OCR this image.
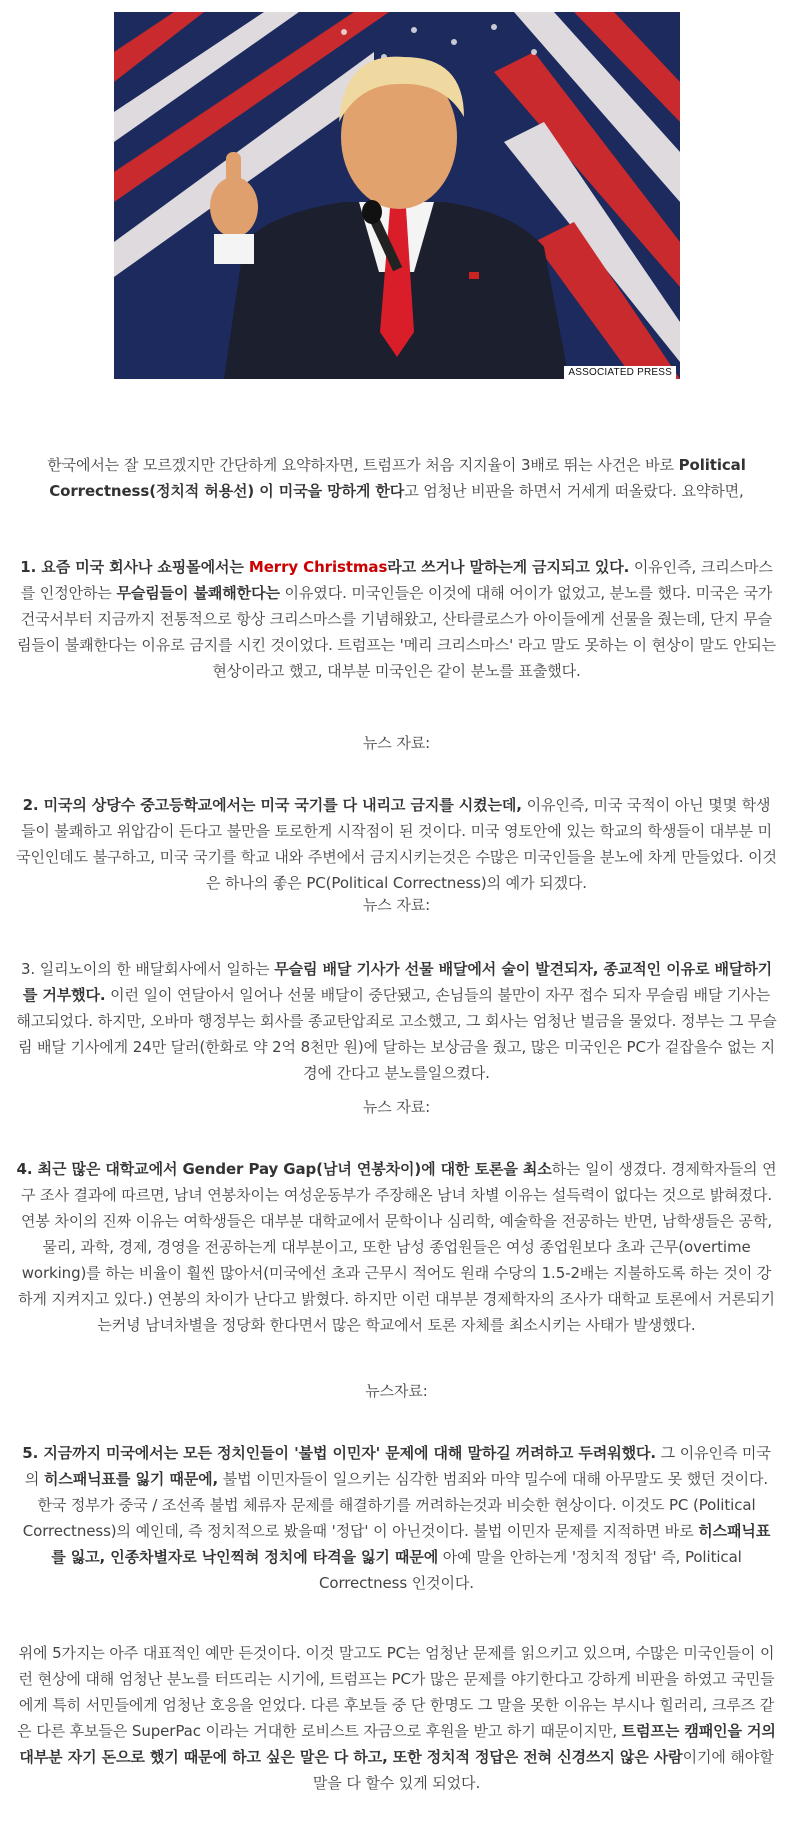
ASSOCIATED PRESS

한국에서는 잘 모르겠지만 간단하게 요약하자면, 트럼프가 처음 지지율이 3배로 뛰는 사건은 바로 Political Correctness(정치적 허용선) 이 미국을 망하게 한다고 엄청난 비판을 하면서 거세게 떠올랐다. 요약하면,

1. 요즘 미국 회사나 쇼핑몰에서는 Merry Christmas라고 쓰거나 말하는게 금지되고 있다. 이유인즉, 크리스마스를 인정안하는 무슬림들이 불쾌해한다는 이유였다. 미국인들은 이것에 대해 어이가 없었고, 분노를 했다. 미국은 국가 건국서부터 지금까지 전통적으로 항상 크리스마스를 기념해왔고, 산타클로스가 아이들에게 선물을 줬는데, 단지 무슬림들이 불쾌한다는 이유로 금지를 시킨 것이었다. 트럼프는 '메리 크리스마스' 라고 말도 못하는 이 현상이 말도 안되는 현상이라고 했고, 대부분 미국인은 같이 분노를 표출했다.

뉴스 자료:

2. 미국의 상당수 중고등학교에서는 미국 국기를 다 내리고 금지를 시켰는데, 이유인즉, 미국 국적이 아닌 몇몇 학생들이 불쾌하고 위압감이 든다고 불만을 토로한게 시작점이 된 것이다. 미국 영토안에 있는 학교의 학생들이 대부분 미국인인데도 불구하고, 미국 국기를 학교 내와 주변에서 금지시키는것은 수많은 미국인들을 분노에 차게 만들었다. 이것은 하나의 좋은 PC(Political Correctness)의 예가 되겠다.

뉴스 자료:

3. 일리노이의 한 배달회사에서 일하는 무슬림 배달 기사가 선물 배달에서 술이 발견되자, 종교적인 이유로 배달하기를 거부했다. 이런 일이 연달아서 일어나 선물 배달이 중단됐고, 손님들의 불만이 자꾸 접수 되자 무슬림 배달 기사는 해고되었다. 하지만, 오바마 행정부는 회사를 종교탄압죄로 고소했고, 그 회사는 엄청난 벌금을 물었다. 정부는 그 무슬림 배달 기사에게 24만 달러(한화로 약 2억 8천만 원)에 달하는 보상금을 줬고, 많은 미국인은 PC가 겉잡을수 없는 지경에 간다고 분노를일으켰다.

뉴스 자료:

4. 최근 많은 대학교에서 Gender Pay Gap(남녀 연봉차이)에 대한 토론을 최소하는 일이 생겼다. 경제학자들의 연구 조사 결과에 따르면, 남녀 연봉차이는 여성운동부가 주장해온 남녀 차별 이유는 설득력이 없다는 것으로 밝혀졌다. 연봉 차이의 진짜 이유는 여학생들은 대부분 대학교에서 문학이나 심리학, 예술학을 전공하는 반면, 남학생들은 공학, 물리, 과학, 경제, 경영을 전공하는게 대부분이고, 또한 남성 종업원들은 여성 종업원보다 초과 근무(overtime working)를 하는 비율이 훨씬 많아서(미국에선 초과 근무시 적어도 원래 수당의 1.5-2배는 지불하도록 하는 것이 강하게 지켜지고 있다.) 연봉의 차이가 난다고 밝혔다. 하지만 이런 대부분 경제학자의 조사가 대학교 토론에서 거론되기는커녕 남녀차별을 정당화 한다면서 많은 학교에서 토론 자체를 최소시키는 사태가 발생했다.

뉴스자료:

5. 지금까지 미국에서는 모든 정치인들이 '불법 이민자' 문제에 대해 말하길 꺼려하고 두려워했다. 그 이유인즉 미국의 히스패닉표를 잃기 때문에, 불법 이민자들이 일으키는 심각한 범죄와 마약 밀수에 대해 아무말도 못 했던 것이다. 한국 정부가 중국 / 조선족 불법 체류자 문제를 해결하기를 꺼려하는것과 비슷한 현상이다. 이것도 PC (Political Correctness)의 예인데, 즉 정치적으로 봤을때 '정답' 이 아닌것이다. 불법 이민자 문제를 지적하면 바로 히스패닉표를 잃고, 인종차별자로 낙인찍혀 정치에 타격을 잃기 때문에 아예 말을 안하는게 '정치적 정답' 즉, Political Correctness 인것이다.

위에 5가지는 아주 대표적인 예만 든것이다. 이것 말고도 PC는 엄청난 문제를 읽으키고 있으며, 수많은 미국인들이 이런 현상에 대해 엄청난 분노를 터뜨리는 시기에, 트럼프는 PC가 많은 문제를 야기한다고 강하게 비판을 하였고 국민들에게 특히 서민들에게 엄청난 호응을 얻었다. 다른 후보들 중 단 한명도 그 말을 못한 이유는 부시나 힐러리, 크루즈 같은 다른 후보들은 SuperPac 이라는 거대한 로비스트 자금으로 후원을 받고 하기 때문이지만, 트럼프는 캠패인을 거의 대부분 자기 돈으로 했기 때문에 하고 싶은 말은 다 하고, 또한 정치적 정답은 전혀 신경쓰지 않은 사람이기에 해야할 말을 다 할수 있게 되었다.
